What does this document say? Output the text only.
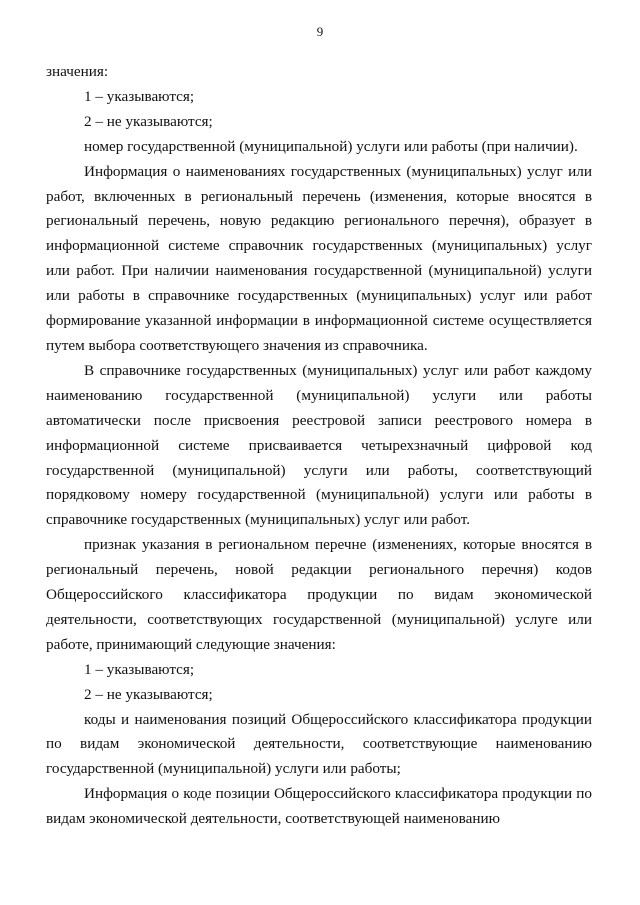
9

значения:

1 – указываются;

2 – не указываются;

номер государственной (муниципальной) услуги или работы (при наличии).

Информация о наименованиях государственных (муниципальных) услуг или работ, включенных в региональный перечень (изменения, которые вносятся в региональный перечень, новую редакцию регионального перечня), образует в информационной системе справочник государственных (муниципальных) услуг или работ. При наличии наименования государственной (муниципальной) услуги или работы в справочнике государственных (муниципальных) услуг или работ формирование указанной информации в информационной системе осуществляется путем выбора соответствующего значения из справочника.

В справочнике государственных (муниципальных) услуг или работ каждому наименованию государственной (муниципальной) услуги или работы автоматически после присвоения реестровой записи реестрового номера в информационной системе присваивается четырехзначный цифровой код государственной (муниципальной) услуги или работы, соответствующий порядковому номеру государственной (муниципальной) услуги или работы в справочнике государственных (муниципальных) услуг или работ.

признак указания в региональном перечне (изменениях, которые вносятся в региональный перечень, новой редакции регионального перечня) кодов Общероссийского классификатора продукции по видам экономической деятельности, соответствующих государственной (муниципальной) услуге или работе, принимающий следующие значения:

1 – указываются;

2 – не указываются;

коды и наименования позиций Общероссийского классификатора продукции по видам экономической деятельности, соответствующие наименованию государственной (муниципальной) услуги или работы;

Информация о коде позиции Общероссийского классификатора продукции по видам экономической деятельности, соответствующей наименованию
